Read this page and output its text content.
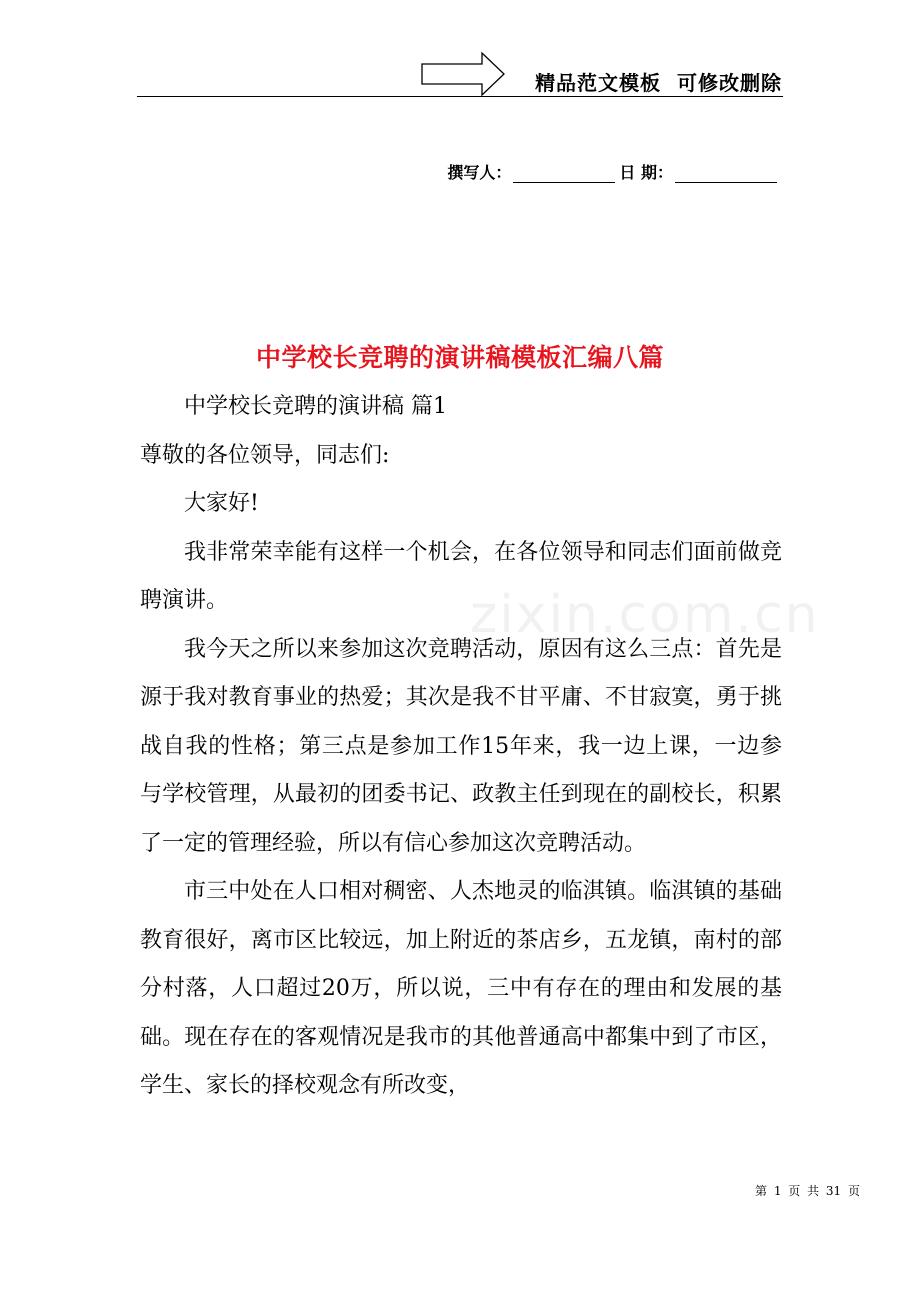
精品范文模板  可修改删除
撰写人：	日 期：
中学校长竞聘的演讲稿模板汇编八篇
zixin.com.cn

中学校长竞聘的演讲稿 篇1

尊敬的各位领导，同志们:

大家好!

我非常荣幸能有这样一个机会，在各位领导和同志们面前做竞聘演讲。

我今天之所以来参加这次竞聘活动，原因有这么三点：首先是源于我对教育事业的热爱；其次是我不甘平庸、不甘寂寞，勇于挑战自我的性格；第三点是参加工作15年来，我一边上课，一边参与学校管理，从最初的团委书记、政教主任到现在的副校长，积累了一定的管理经验，所以有信心参加这次竞聘活动。

市三中处在人口相对稠密、人杰地灵的临淇镇。临淇镇的基础教育很好，离市区比较远，加上附近的茶店乡，五龙镇，南村的部分村落，人口超过20万，所以说，三中有存在的理由和发展的基础。现在存在的客观情况是我市的其他普通高中都集中到了市区，学生、家长的择校观念有所改变，

第 1 页 共 31 页
